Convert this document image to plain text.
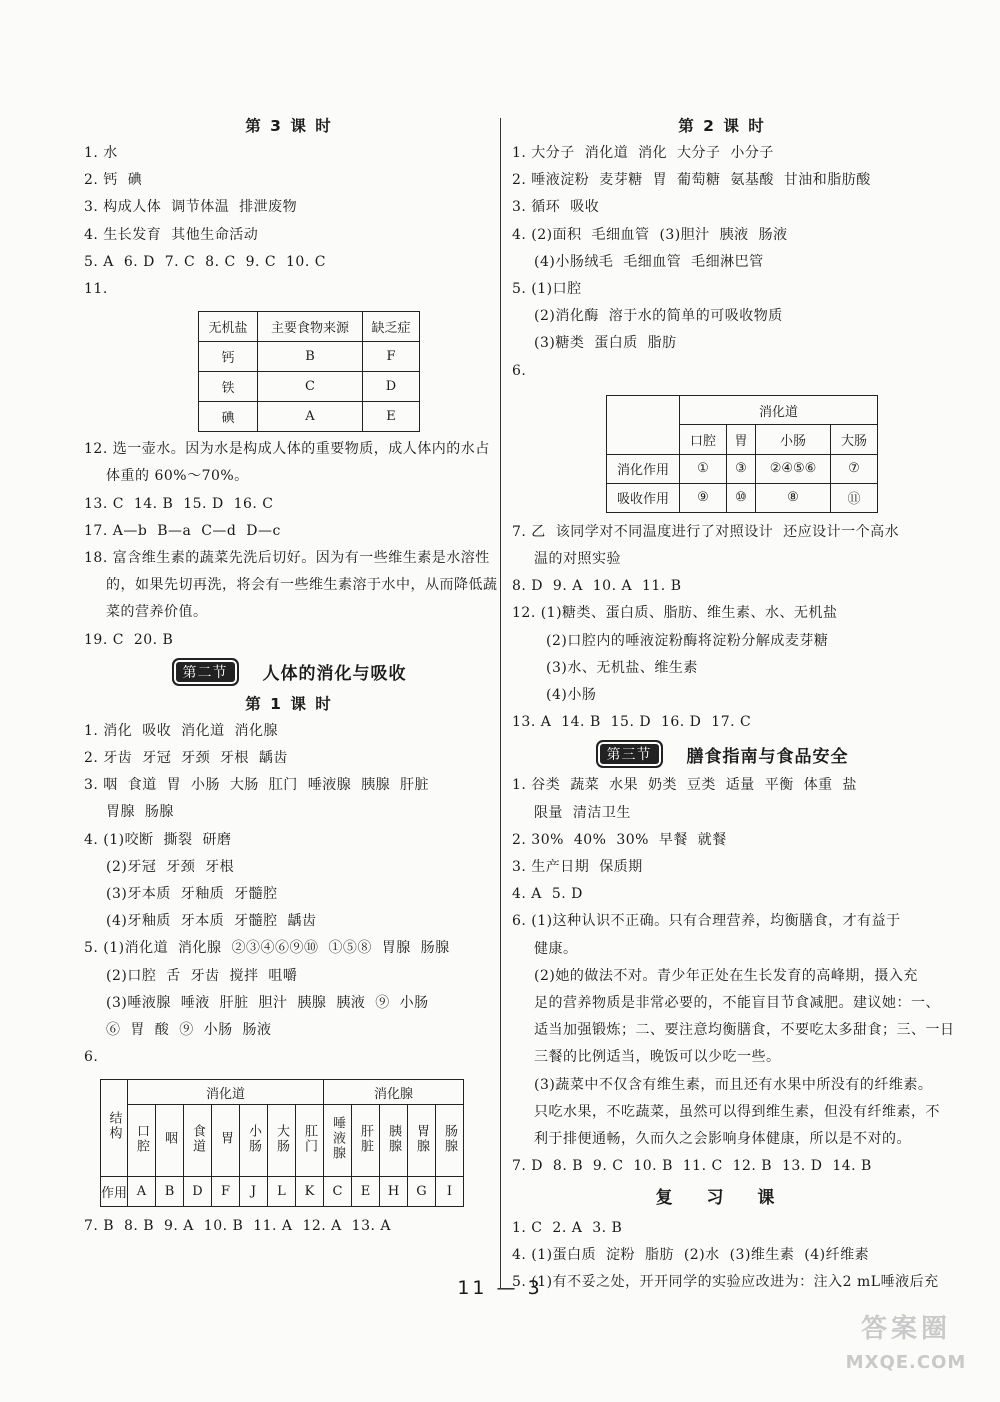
第 3 课 时
1. 水
2. 钙  碘
3. 构成人体  调节体温  排泄废物
4. 生长发育  其他生命活动
5. A  6. D  7. C  8. C  9. C  10. C
11.
无机盐	主要食物来源	缺乏症
钙	B	F
铁	C	D
碘	A	E
12. 选一壶水。因为水是构成人体的重要物质，成人体内的水占
体重的 60%～70%。
13. C  14. B  15. D  16. C
17. A—b  B—a  C—d  D—c
18. 富含维生素的蔬菜先洗后切好。因为有一些维生素是水溶性
的，如果先切再洗，将会有一些维生素溶于水中，从而降低蔬
菜的营养价值。
19. C  20. B
第二节	人体的消化与吸收
第 1 课 时
1. 消化  吸收  消化道  消化腺
2. 牙齿  牙冠  牙颈  牙根  龋齿
3. 咽  食道  胃  小肠  大肠  肛门  唾液腺  胰腺  肝脏
胃腺  肠腺
4. (1)咬断  撕裂  研磨
(2)牙冠  牙颈  牙根
(3)牙本质  牙釉质  牙髓腔
(4)牙釉质  牙本质  牙髓腔  龋齿
5. (1)消化道  消化腺  ②③④⑥⑨⑩  ①⑤⑧  胃腺  肠腺
(2)口腔  舌  牙齿  搅拌  咀嚼
(3)唾液腺  唾液  肝脏  胆汁  胰腺  胰液  ⑨  小肠
⑥  胃  酸  ⑨  小肠  肠液
6.
结构	消化道							消化腺				
	口腔	咽	食道	胃	小肠	大肠	肛门	唾液腺	肝脏	胰腺	胃腺	肠腺
作用	A	B	D	F	J	L	K	C	E	H	G	I
7. B  8. B  9. A  10. B  11. A  12. A  13. A
第 2 课 时
1. 大分子  消化道  消化  大分子  小分子
2. 唾液淀粉  麦芽糖  胃  葡萄糖  氨基酸  甘油和脂肪酸
3. 循环  吸收
4. (2)面积  毛细血管  (3)胆汁  胰液  肠液
(4)小肠绒毛  毛细血管  毛细淋巴管
5. (1)口腔
(2)消化酶  溶于水的简单的可吸收物质
(3)糖类  蛋白质  脂肪
6.
	消化道			
	口腔	胃	小肠	大肠
消化作用	①	③	②④⑤⑥	⑦
吸收作用	⑨	⑩	⑧	⑪
7. 乙  该同学对不同温度进行了对照设计  还应设计一个高水
温的对照实验
8. D  9. A  10. A  11. B
12. (1)糖类、蛋白质、脂肪、维生素、水、无机盐
(2)口腔内的唾液淀粉酶将淀粉分解成麦芽糖
(3)水、无机盐、维生素
(4)小肠
13. A  14. B  15. D  16. D  17. C
第三节	膳食指南与食品安全
1. 谷类  蔬菜  水果  奶类  豆类  适量  平衡  体重  盐
限量  清洁卫生
2. 30%  40%  30%  早餐  就餐
3. 生产日期  保质期
4. A  5. D
6. (1)这种认识不正确。只有合理营养，均衡膳食，才有益于
健康。
(2)她的做法不对。青少年正处在生长发育的高峰期，摄入充
足的营养物质是非常必要的，不能盲目节食减肥。建议她：一、
适当加强锻炼；二、要注意均衡膳食，不要吃太多甜食；三、一日
三餐的比例适当，晚饭可以少吃一些。
(3)蔬菜中不仅含有维生素，而且还有水果中所没有的纤维素。
只吃水果，不吃蔬菜，虽然可以得到维生素，但没有纤维素，不
利于排便通畅，久而久之会影响身体健康，所以是不对的。
7. D  8. B  9. C  10. B  11. C  12. B  13. D  14. B
复 习 课
1. C  2. A  3. B
4. (1)蛋白质  淀粉  脂肪  (2)水  (3)维生素  (4)纤维素
5. (1)有不妥之处，开开同学的实验应改进为：注入2 mL唾液后充
11 — 3
答案圈
MXQE.COM
